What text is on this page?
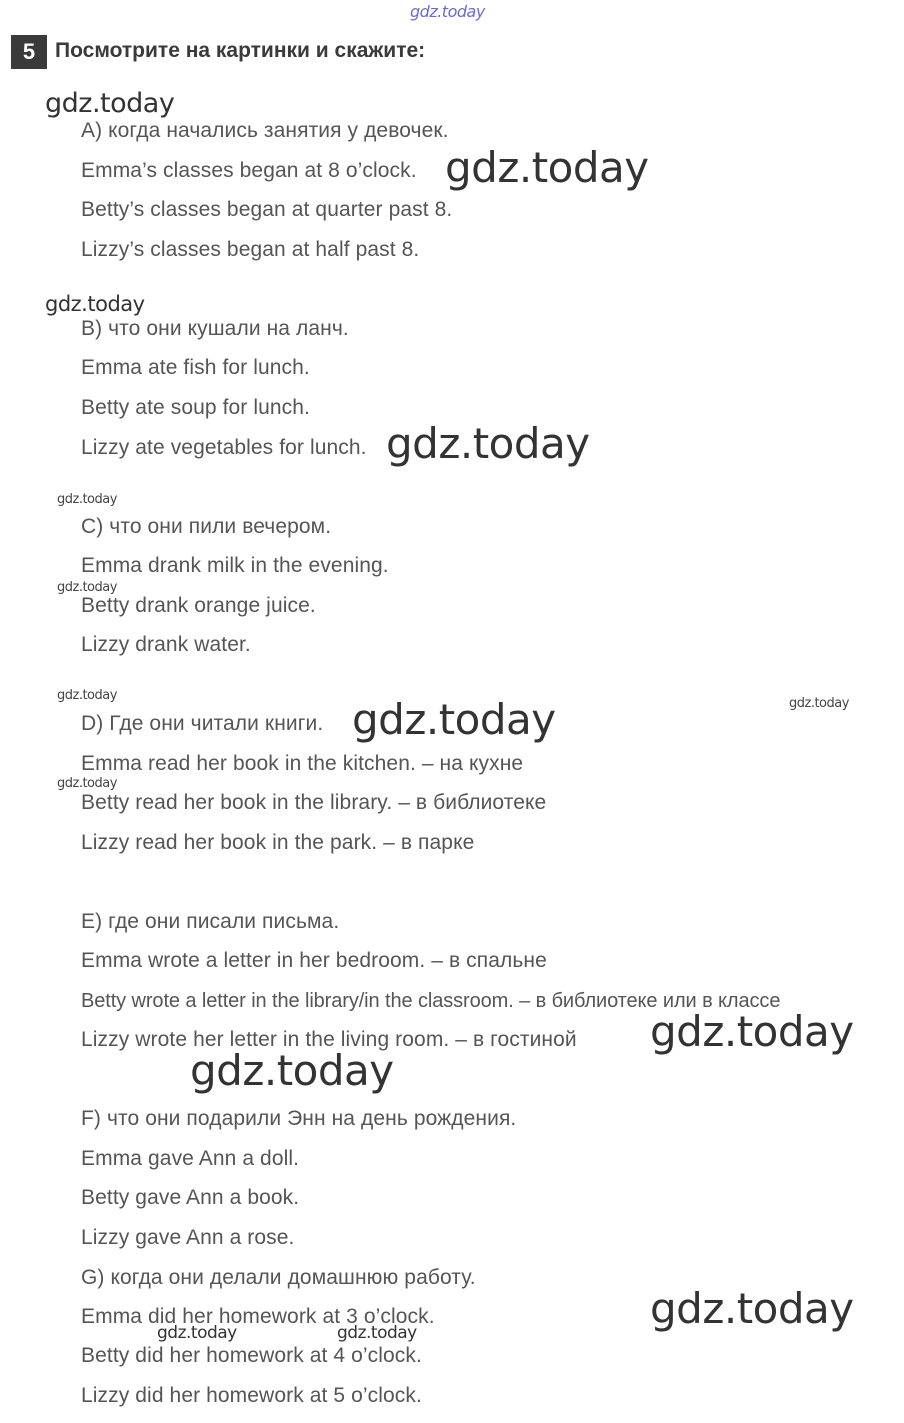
gdz.today
5 Посмотрите на картинки и скажите:
A) когда начались занятия у девочек.
Emma’s classes began at 8 o’clock.
Betty’s classes began at quarter past 8.
Lizzy’s classes began at half past 8.
B) что они кушали на ланч.
Emma ate fish for lunch.
Betty ate soup for lunch.
Lizzy ate vegetables for lunch.
C) что они пили вечером.
Emma drank milk in the evening.
Betty drank orange juice.
Lizzy drank water.
D) Где они читали книги.
Emma read her book in the kitchen. – на кухне
Betty read her book in the library. – в библиотеке
Lizzy read her book in the park. – в парке
E) где они писали письма.
Emma wrote a letter in her bedroom. – в спальне
Betty wrote a letter in the library/in the classroom. – в библиотеке или в классе
Lizzy wrote her letter in the living room. – в гостиной
F) что они подарили Энн на день рождения.
Emma gave Ann a doll.
Betty gave Ann a book.
Lizzy gave Ann a rose.
G) когда они делали домашнюю работу.
Emma did her homework at 3 o’clock.
Betty did her homework at 4 o’clock.
Lizzy did her homework at 5 o’clock.
gdz.today
gdz.today
gdz.today
gdz.today
gdz.today
gdz.today
gdz.today	gdz.today	gdz.today
gdz.today
gdz.today
gdz.today
gdz.today
gdz.today	gdz.today
